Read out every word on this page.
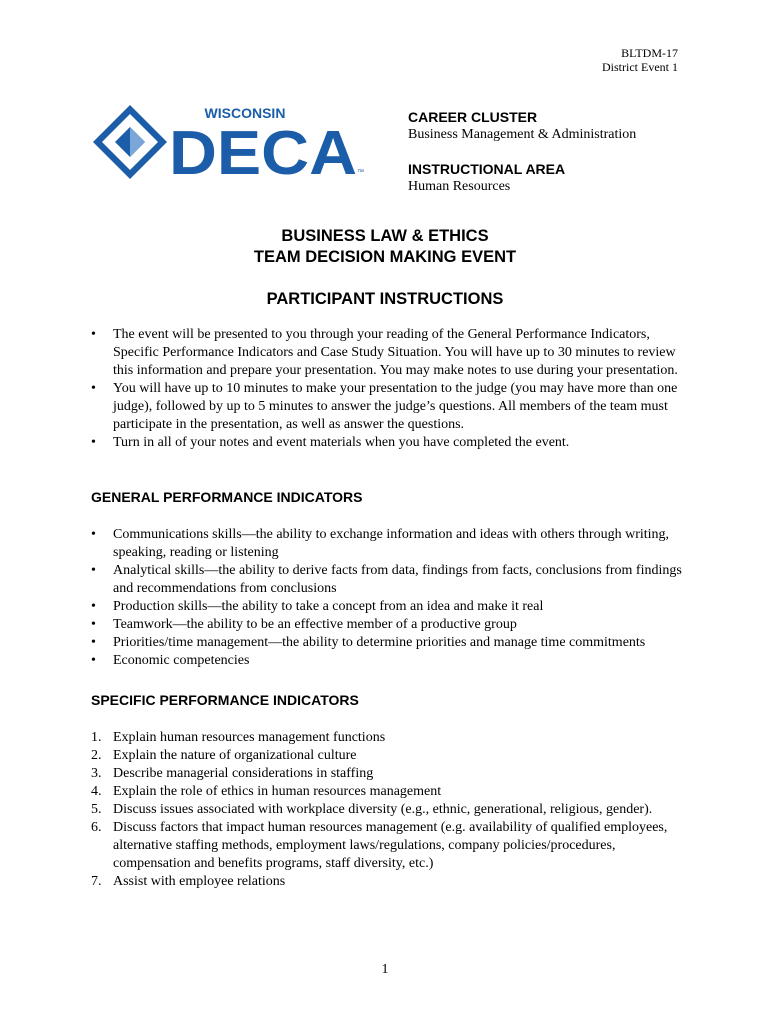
BLTDM-17
District Event 1
WISCONSIN
DECA ™
CAREER CLUSTER
Business Management & Administration
INSTRUCTIONAL AREA
Human Resources
BUSINESS LAW & ETHICS
TEAM DECISION MAKING EVENT
PARTICIPANT INSTRUCTIONS
• The event will be presented to you through your reading of the General Performance Indicators, Specific Performance Indicators and Case Study Situation. You will have up to 30 minutes to review this information and prepare your presentation. You may make notes to use during your presentation.
• You will have up to 10 minutes to make your presentation to the judge (you may have more than one judge), followed by up to 5 minutes to answer the judge’s questions. All members of the team must participate in the presentation, as well as answer the questions.
• Turn in all of your notes and event materials when you have completed the event.
GENERAL PERFORMANCE INDICATORS
• Communications skills—the ability to exchange information and ideas with others through writing, speaking, reading or listening
• Analytical skills—the ability to derive facts from data, findings from facts, conclusions from findings and recommendations from conclusions
• Production skills—the ability to take a concept from an idea and make it real
• Teamwork—the ability to be an effective member of a productive group
• Priorities/time management—the ability to determine priorities and manage time commitments
• Economic competencies
SPECIFIC PERFORMANCE INDICATORS
1. Explain human resources management functions
2. Explain the nature of organizational culture
3. Describe managerial considerations in staffing
4. Explain the role of ethics in human resources management
5. Discuss issues associated with workplace diversity (e.g., ethnic, generational, religious, gender).
6. Discuss factors that impact human resources management (e.g. availability of qualified employees, alternative staffing methods, employment laws/regulations, company policies/procedures, compensation and benefits programs, staff diversity, etc.)
7. Assist with employee relations
1
